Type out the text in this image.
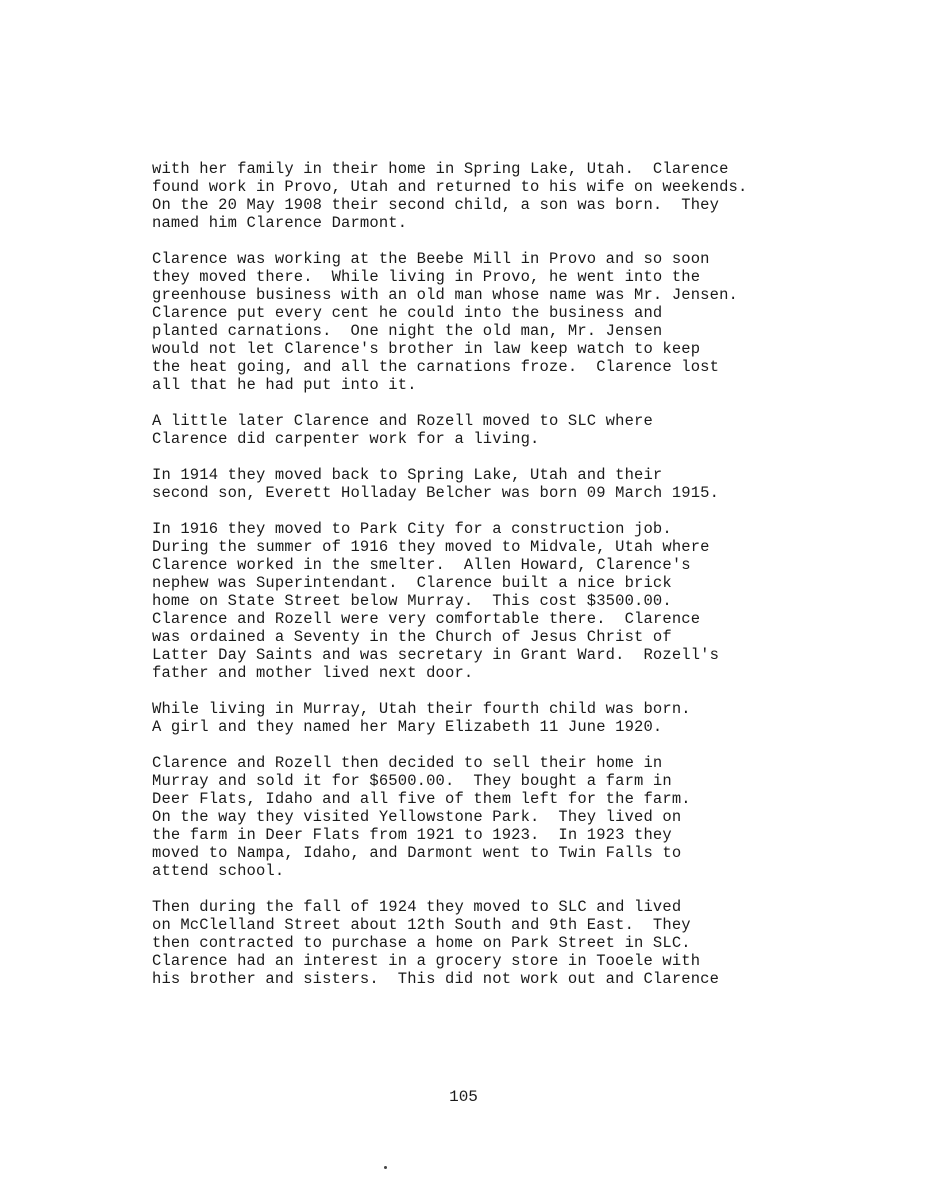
with her family in their home in Spring Lake, Utah.  Clarence
found work in Provo, Utah and returned to his wife on weekends.
On the 20 May 1908 their second child, a son was born.  They
named him Clarence Darmont.
Clarence was working at the Beebe Mill in Provo and so soon
they moved there.  While living in Provo, he went into the
greenhouse business with an old man whose name was Mr. Jensen.
Clarence put every cent he could into the business and
planted carnations.  One night the old man, Mr. Jensen
would not let Clarence's brother in law keep watch to keep
the heat going, and all the carnations froze.  Clarence lost
all that he had put into it.
A little later Clarence and Rozell moved to SLC where
Clarence did carpenter work for a living.
In 1914 they moved back to Spring Lake, Utah and their
second son, Everett Holladay Belcher was born 09 March 1915.
In 1916 they moved to Park City for a construction job.
During the summer of 1916 they moved to Midvale, Utah where
Clarence worked in the smelter.  Allen Howard, Clarence's
nephew was Superintendant.  Clarence built a nice brick
home on State Street below Murray.  This cost $3500.00.
Clarence and Rozell were very comfortable there.  Clarence
was ordained a Seventy in the Church of Jesus Christ of
Latter Day Saints and was secretary in Grant Ward.  Rozell's
father and mother lived next door.
While living in Murray, Utah their fourth child was born.
A girl and they named her Mary Elizabeth 11 June 1920.
Clarence and Rozell then decided to sell their home in
Murray and sold it for $6500.00.  They bought a farm in
Deer Flats, Idaho and all five of them left for the farm.
On the way they visited Yellowstone Park.  They lived on
the farm in Deer Flats from 1921 to 1923.  In 1923 they
moved to Nampa, Idaho, and Darmont went to Twin Falls to
attend school.
Then during the fall of 1924 they moved to SLC and lived
on McClelland Street about 12th South and 9th East.  They
then contracted to purchase a home on Park Street in SLC.
Clarence had an interest in a grocery store in Tooele with
his brother and sisters.  This did not work out and Clarence
105
